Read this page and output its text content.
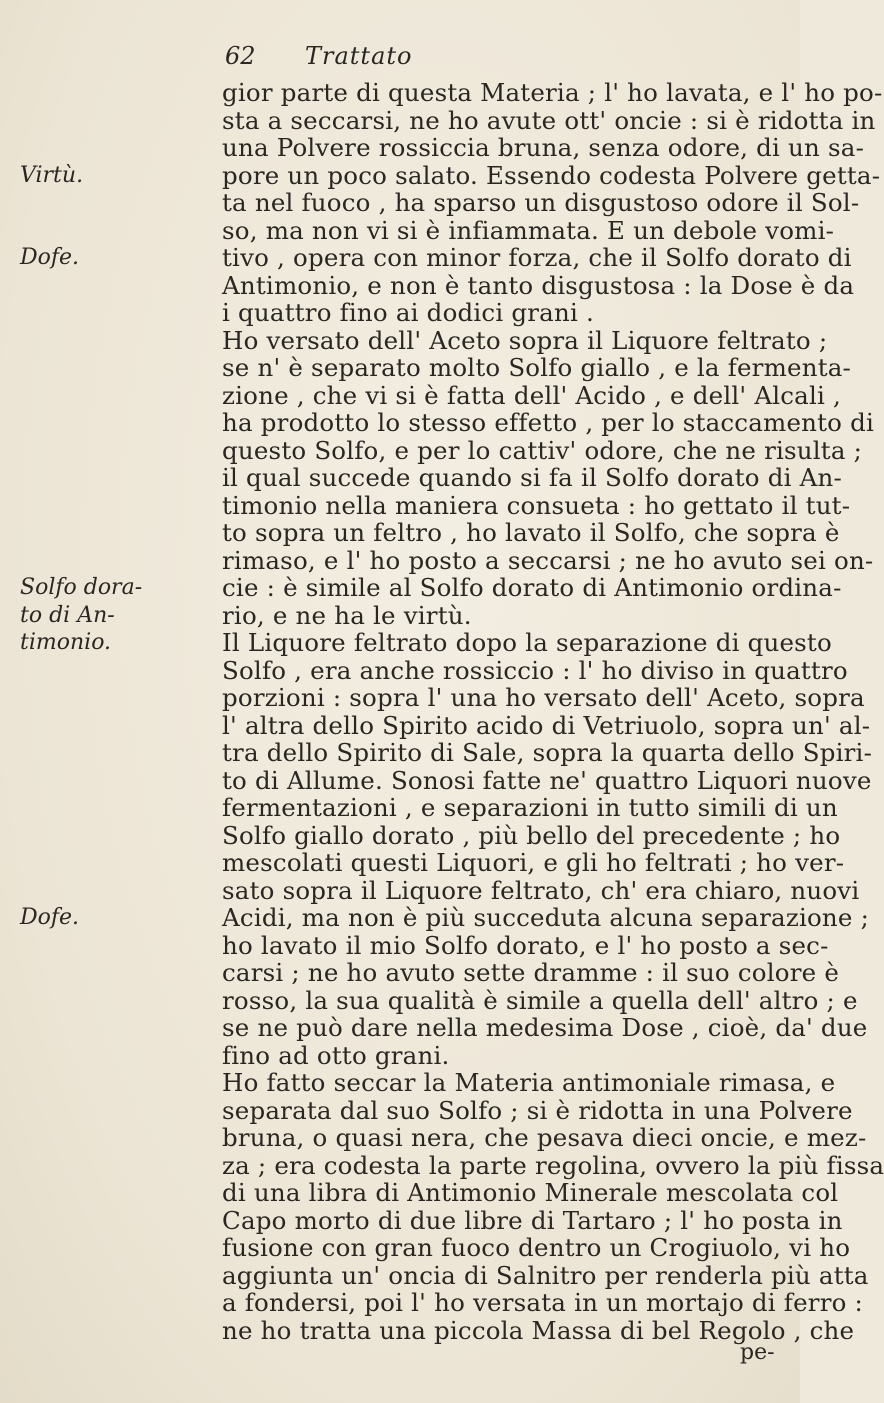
62 Trattato
gior parte di questa Materia ; l' ho lavata, e l' ho po-
sta a seccarsi, ne ho avute ott' oncie : si è ridotta in
una Polvere rossiccia bruna, senza odore, di un sa-
pore un poco salato. Essendo codesta Polvere getta-
ta nel fuoco , ha sparso un disgustoso odore il Sol-
so, ma non vi si è infiammata. E un debole vomi-
tivo , opera con minor forza, che il Solfo dorato di
Antimonio, e non è tanto disgustosa : la Dose è da
i quattro fino ai dodici grani .
Ho versato dell' Aceto sopra il Liquore feltrato ;
se n' è separato molto Solfo giallo , e la fermenta-
zione , che vi si è fatta dell' Acido , e dell' Alcali ,
ha prodotto lo stesso effetto , per lo staccamento di
questo Solfo, e per lo cattiv' odore, che ne risulta ;
il qual succede quando si fa il Solfo dorato di An-
timonio nella maniera consueta : ho gettato il tut-
to sopra un feltro , ho lavato il Solfo, che sopra è
rimaso, e l' ho posto a seccarsi ; ne ho avuto sei on-
cie : è simile al Solfo dorato di Antimonio ordina-
rio, e ne ha le virtù.
Il Liquore feltrato dopo la separazione di questo
Solfo , era anche rossiccio : l' ho diviso in quattro
porzioni : sopra l' una ho versato dell' Aceto, sopra
l' altra dello Spirito acido di Vetriuolo, sopra un' al-
tra dello Spirito di Sale, sopra la quarta dello Spiri-
to di Allume. Sonosi fatte ne' quattro Liquori nuove
fermentazioni , e separazioni in tutto simili di un
Solfo giallo dorato , più bello del precedente ; ho
mescolati questi Liquori, e gli ho feltrati ; ho ver-
sato sopra il Liquore feltrato, ch' era chiaro, nuovi
Acidi, ma non è più succeduta alcuna separazione ;
ho lavato il mio Solfo dorato, e l' ho posto a sec-
carsi ; ne ho avuto sette dramme : il suo colore è
rosso, la sua qualità è simile a quella dell' altro ; e
se ne può dare nella medesima Dose , cioè, da' due
fino ad otto grani.
Ho fatto seccar la Materia antimoniale rimasa, e
separata dal suo Solfo ; si è ridotta in una Polvere
bruna, o quasi nera, che pesava dieci oncie, e mez-
za ; era codesta la parte regolina, ovvero la più fissa
di una libra di Antimonio Minerale mescolata col
Capo morto di due libre di Tartaro ; l' ho posta in
fusione con gran fuoco dentro un Crogiuolo, vi ho
aggiunta un' oncia di Salnitro per renderla più atta
a fondersi, poi l' ho versata in un mortajo di ferro :
ne ho tratta una piccola Massa di bel Regolo , che
Virtù.
Dofe.
Solfo dora-
to di An-
timonio.
Dofe.
pe-
